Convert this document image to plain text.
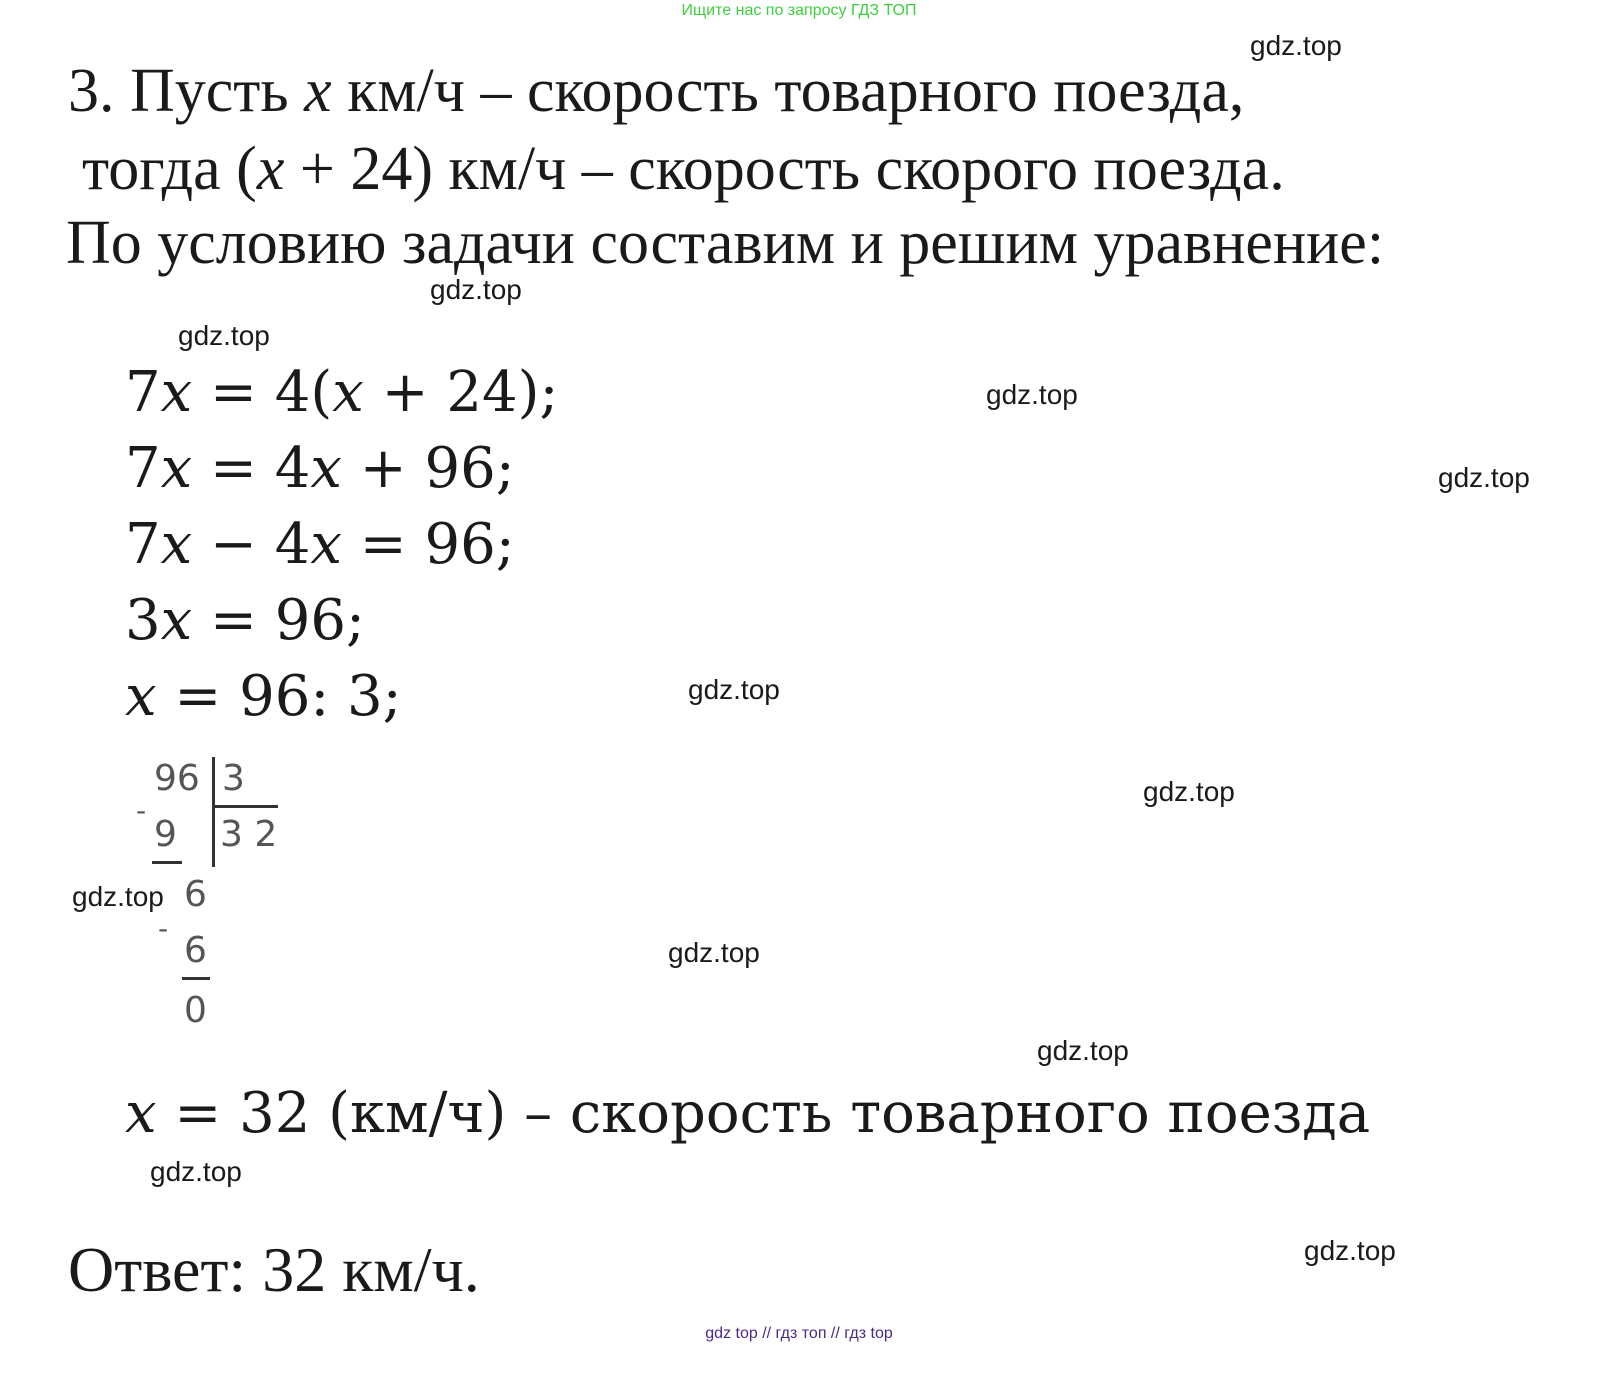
Ищите нас по запросу ГДЗ ТОП
3. Пусть x км/ч – скорость товарного поезда,
тогда (x + 24) км/ч – скорость скорого поезда.
По условию задачи составим и решим уравнение:
7x = 4(x + 24);
7x = 4x + 96;
7x − 4x = 96;
3x = 96;
x = 96: 3;
96 3
-
9 3 2
6
-
6
0
x = 32 (км/ч) – скорость товарного поезда
Ответ: 32 км/ч.
gdz.top
gdz.top
gdz.top
gdz.top
gdz.top
gdz.top
gdz.top
gdz.top
gdz.top
gdz.top
gdz.top
gdz.top
gdz top // гдз топ // гдз top
